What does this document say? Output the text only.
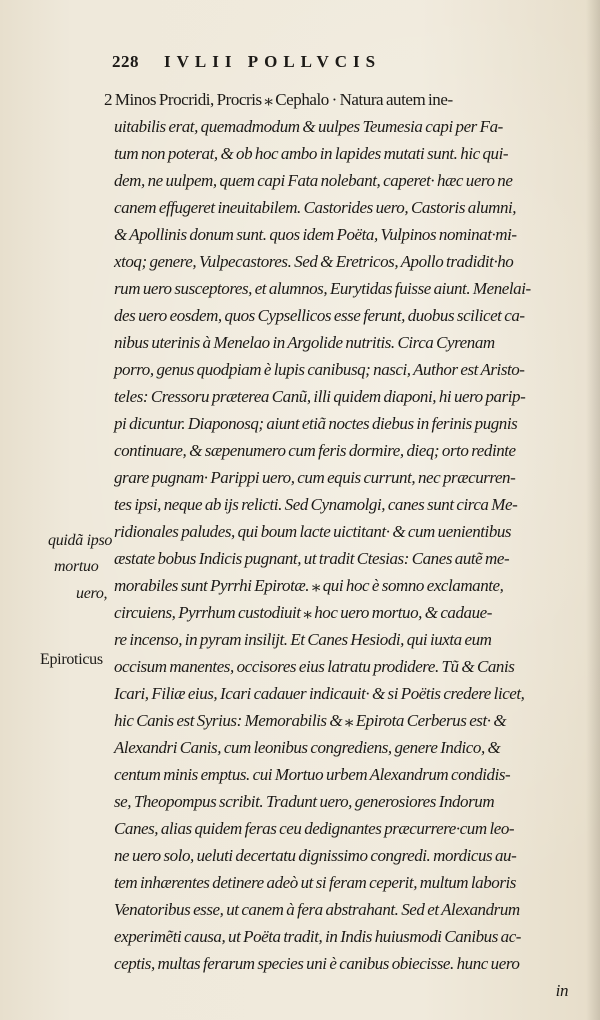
228 IVLII POLLVCIS
quidã ipso
mortuo
uero,
Epiroticus
2 Minos Procridi, Procris ⁎ Cephalo · Natura autem ine-
uitabilis erat, quemadmodum & uulpes Teumesia capi per Fa-
tum non poterat, & ob hoc ambo in lapides mutati sunt. hic qui-
dem, ne uulpem, quem capi Fata nolebant, caperet· hæc uero ne
canem effugeret ineuitabilem. Castorides uero, Castoris alumni,
& Apollinis donum sunt. quos idem Poëta, Vulpinos nominat·mi-
xtoq; genere, Vulpecastores. Sed & Eretricos, Apollo tradidit·ho
rum uero susceptores, et alumnos, Eurytidas fuisse aiunt. Menelai-
des uero eosdem, quos Cypsellicos esse ferunt, duobus scilicet ca-
nibus uterinis à Menelao in Argolide nutritis. Circa Cyrenam
porro, genus quodpiam è lupis canibusq; nasci, Author est Aristo-
teles: Cressoru præterea Canũ, illi quidem diaponi, hi uero parip-
pi dicuntur. Diaponosq; aiunt etiã noctes diebus in ferinis pugnis
continuare, & sæpenumero cum feris dormire, dieq; orto redinte
grare pugnam· Parippi uero, cum equis currunt, nec præcurren-
tes ipsi, neque ab ijs relicti. Sed Cynamolgi, canes sunt circa Me-
ridionales paludes, qui boum lacte uictitant· & cum uenientibus
æstate bobus Indicis pugnant, ut tradit Ctesias: Canes autẽ me-
morabiles sunt Pyrrhi Epirotæ. ⁎ qui hoc è somno exclamante,
circuiens, Pyrrhum custodiuit ⁎ hoc uero mortuo, & cadaue-
re incenso, in pyram insilijt. Et Canes Hesiodi, qui iuxta eum
occisum manentes, occisores eius latratu prodidere. Tũ & Canis
Icari, Filiæ eius, Icari cadauer indicauit· & si Poëtis credere licet,
hic Canis est Syrius: Memorabilis & ⁎ Epirota Cerberus est· &
Alexandri Canis, cum leonibus congrediens, genere Indico, &
centum minis emptus. cui Mortuo urbem Alexandrum condidis-
se, Theopompus scribit. Tradunt uero, generosiores Indorum
Canes, alias quidem feras ceu dedignantes præcurrere·cum leo-
ne uero solo, ueluti decertatu dignissimo congredi. mordicus au-
tem inhærentes detinere adeò ut si feram ceperit, multum laboris
Venatoribus esse, ut canem à fera abstrahant. Sed et Alexandrum
experimẽti causa, ut Poëta tradit, in Indis huiusmodi Canibus ac-
ceptis, multas ferarum species uni è canibus obiecisse. hunc uero
in
